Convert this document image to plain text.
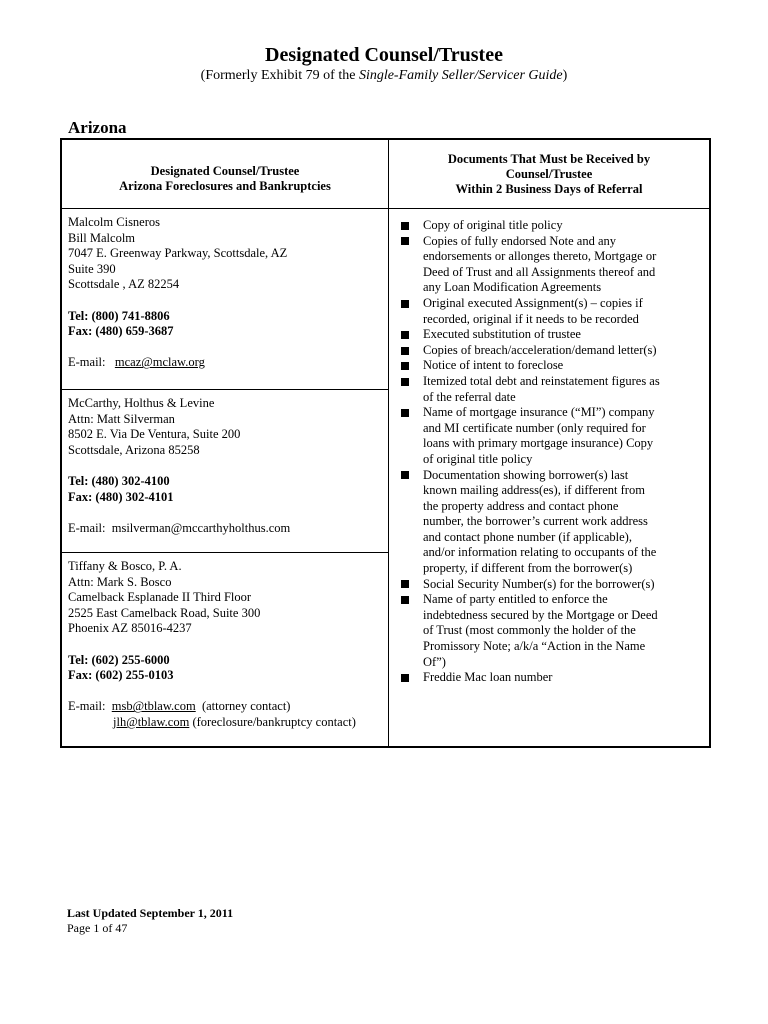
Designated Counsel/Trustee
(Formerly Exhibit 79 of the Single-Family Seller/Servicer Guide)
Arizona
Designated Counsel/Trustee
Arizona Foreclosures and Bankruptcies
Malcolm Cisneros
Bill Malcolm
7047 E. Greenway Parkway, Scottsdale, AZ
Suite 390
Scottsdale , AZ 82254
Tel: (800) 741-8806
Fax: (480) 659-3687
E-mail: mcaz@mclaw.org
McCarthy, Holthus & Levine
Attn: Matt Silverman
8502 E. Via De Ventura, Suite 200
Scottsdale, Arizona 85258
Tel: (480) 302-4100
Fax: (480) 302-4101
E-mail: msilverman@mccarthyholthus.com
Tiffany & Bosco, P. A.
Attn: Mark S. Bosco
Camelback Esplanade II Third Floor
2525 East Camelback Road, Suite 300
Phoenix AZ 85016-4237
Tel: (602) 255-6000
Fax: (602) 255-0103
E-mail: msb@tblaw.com (attorney contact)
jlh@tblaw.com (foreclosure/bankruptcy contact)
Documents That Must be Received by
Counsel/Trustee
Within 2 Business Days of Referral
Copy of original title policy
Copies of fully endorsed Note and any
endorsements or allonges thereto, Mortgage or
Deed of Trust and all Assignments thereof and
any Loan Modification Agreements
Original executed Assignment(s) – copies if
recorded, original if it needs to be recorded
Executed substitution of trustee
Copies of breach/acceleration/demand letter(s)
Notice of intent to foreclose
Itemized total debt and reinstatement figures as
of the referral date
Name of mortgage insurance (“MI”) company
and MI certificate number (only required for
loans with primary mortgage insurance) Copy
of original title policy
Documentation showing borrower(s) last
known mailing address(es), if different from
the property address and contact phone
number, the borrower’s current work address
and contact phone number (if applicable),
and/or information relating to occupants of the
property, if different from the borrower(s)
Social Security Number(s) for the borrower(s)
Name of party entitled to enforce the
indebtedness secured by the Mortgage or Deed
of Trust (most commonly the holder of the
Promissory Note; a/k/a “Action in the Name
Of”)
Freddie Mac loan number
Last Updated September 1, 2011
Page 1 of 47
